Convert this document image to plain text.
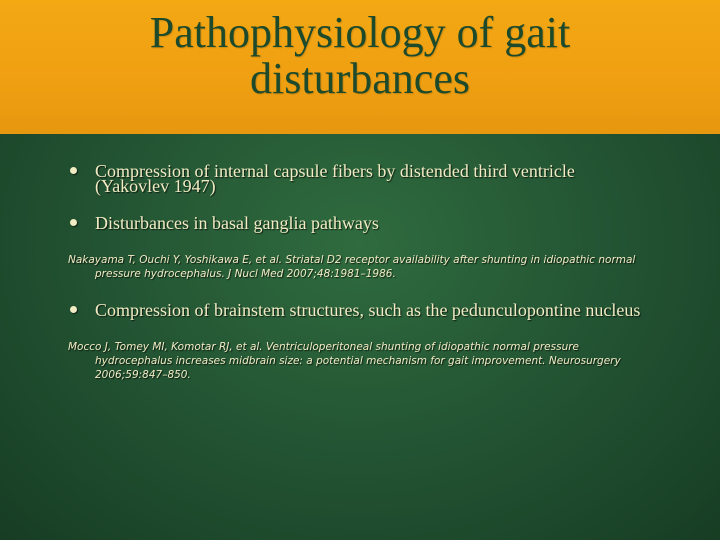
Pathophysiology of gait disturbances
Compression of internal capsule fibers by distended third ventricle (Yakovlev 1947)
Disturbances in basal ganglia pathways
Nakayama T, Ouchi Y, Yoshikawa E, et al. Striatal D2 receptor availability after shunting in idiopathic normal pressure hydrocephalus. J Nucl Med 2007;48:1981–1986.
Compression of brainstem structures, such as the pedunculopontine nucleus
Mocco J, Tomey MI, Komotar RJ, et al. Ventriculoperitoneal shunting of idiopathic normal pressure hydrocephalus increases midbrain size: a potential mechanism for gait improvement. Neurosurgery 2006;59:847–850.
